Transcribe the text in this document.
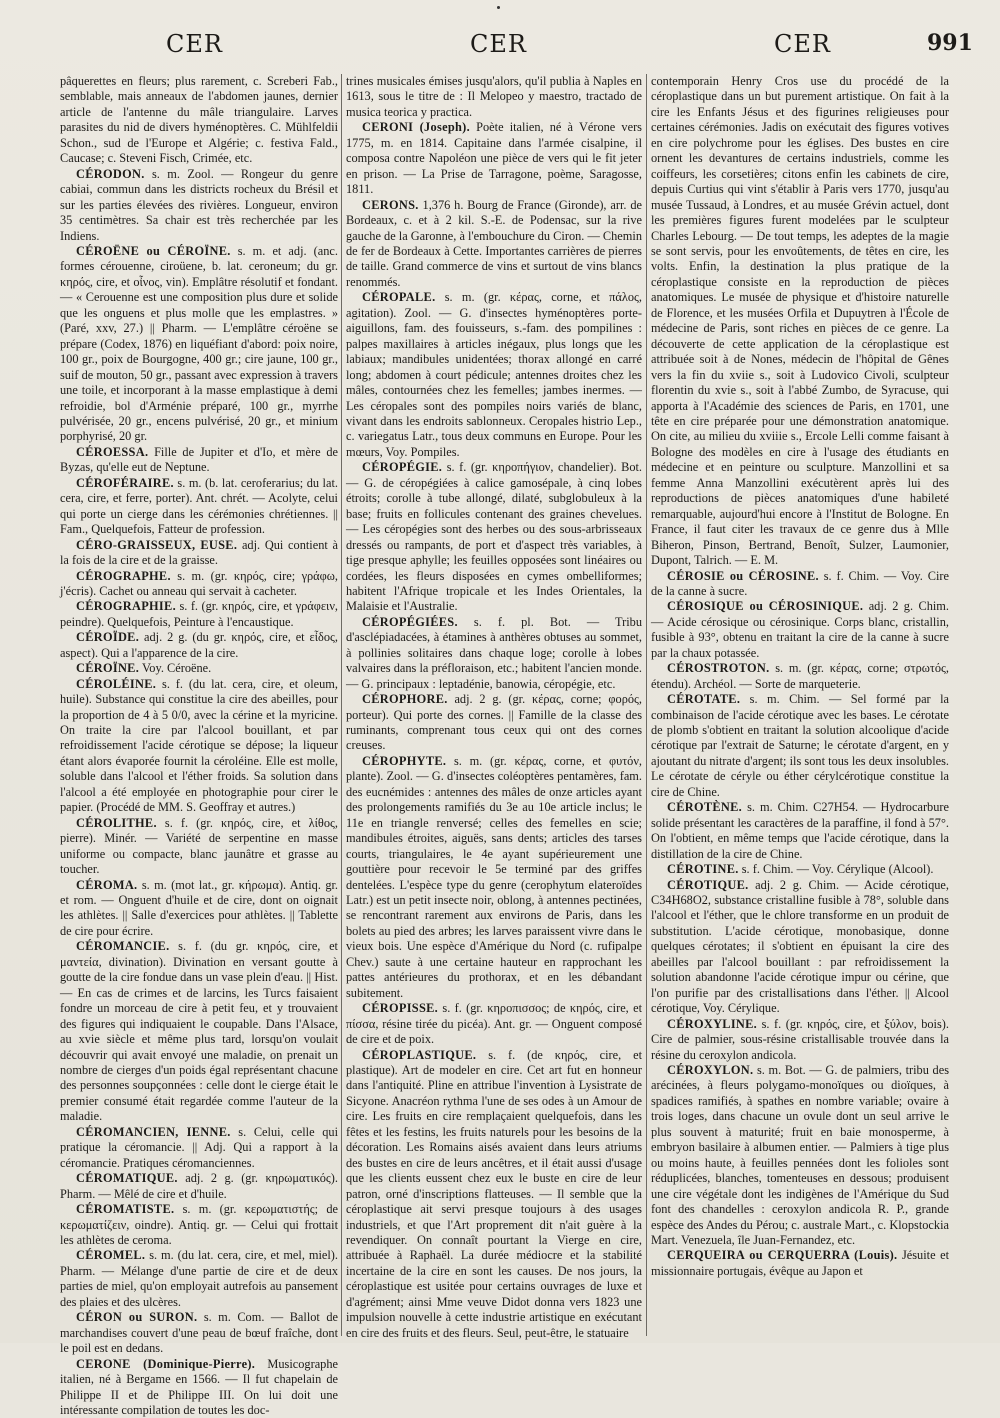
CER	CER	CER	991

pâquerettes en fleurs; plus rarement, c. Screberi Fab., semblable, mais anneaux de l'abdomen jaunes, dernier article de l'antenne du mâle triangulaire. Larves parasites du nid de divers hyménoptères. C. Mühlfeldii Schon., sud de l'Europe et Algérie; c. festiva Fald., Caucase; c. Steveni Fisch, Crimée, etc.

CÉRODON. s. m. Zool. — Rongeur du genre cabiai, commun dans les districts rocheux du Brésil et sur les parties élevées des rivières. Longueur, environ 35 centimètres. Sa chair est très recherchée par les Indiens.

CÉROËNE ou CÉROÏNE. s. m. et adj. (anc. formes cérouenne, ciroüene, b. lat. ceroneum; du gr. κηρός, cire, et οἶνος, vin). Emplâtre résolutif et fondant. — « Cerouenne est une composition plus dure et solide que les onguens et plus molle que les emplastres. » (Paré, xxv, 27.) || Pharm. — L'emplâtre céroëne se prépare (Codex, 1876) en liquéfiant d'abord: poix noire, 100 gr., poix de Bourgogne, 400 gr.; cire jaune, 100 gr., suif de mouton, 50 gr., passant avec expression à travers une toile, et incorporant à la masse emplastique à demi refroidie, bol d'Arménie préparé, 100 gr., myrrhe pulvérisée, 20 gr., encens pulvérisé, 20 gr., et minium porphyrisé, 20 gr.

CÉROESSA. Fille de Jupiter et d'Io, et mère de Byzas, qu'elle eut de Neptune.

CÉROFÉRAIRE. s. m. (b. lat. ceroferarius; du lat. cera, cire, et ferre, porter). Ant. chrét. — Acolyte, celui qui porte un cierge dans les cérémonies chrétiennes. || Fam., Quelquefois, Fatteur de profession.

CÉRO-GRAISSEUX, EUSE. adj. Qui contient à la fois de la cire et de la graisse.

CÉROGRAPHE. s. m. (gr. κηρός, cire; γράφω, j'écris). Cachet ou anneau qui servait à cacheter.

CÉROGRAPHIE. s. f. (gr. κηρός, cire, et γράφειν, peindre). Quelquefois, Peinture à l'encaustique.

CÉROÏDE. adj. 2 g. (du gr. κηρός, cire, et εἶδος, aspect). Qui a l'apparence de la cire.

CÉROÏNE. Voy. Céroëne.

CÉROLÉINE. s. f. (du lat. cera, cire, et oleum, huile). Substance qui constitue la cire des abeilles, pour la proportion de 4 à 5 0/0, avec la cérine et la myricine. On traite la cire par l'alcool bouillant, et par refroidissement l'acide cérotique se dépose; la liqueur étant alors évaporée fournit la céroléine. Elle est molle, soluble dans l'alcool et l'éther froids. Sa solution dans l'alcool a été employée en photographie pour cirer le papier. (Procédé de MM. S. Geoffray et autres.)

CÉROLITHE. s. f. (gr. κηρός, cire, et λίθος, pierre). Minér. — Variété de serpentine en masse uniforme ou compacte, blanc jaunâtre et grasse au toucher.

CÉROMA. s. m. (mot lat., gr. κήρωμα). Antiq. gr. et rom. — Onguent d'huile et de cire, dont on oignait les athlètes. || Salle d'exercices pour athlètes. || Tablette de cire pour écrire.

CÉROMANCIE. s. f. (du gr. κηρός, cire, et μαντεία, divination). Divination en versant goutte à goutte de la cire fondue dans un vase plein d'eau. || Hist. — En cas de crimes et de larcins, les Turcs faisaient fondre un morceau de cire à petit feu, et y trouvaient des figures qui indiquaient le coupable. Dans l'Alsace, au xvie siècle et même plus tard, lorsqu'on voulait découvrir qui avait envoyé une maladie, on prenait un nombre de cierges d'un poids égal représentant chacune des personnes soupçonnées : celle dont le cierge était le premier consumé était regardée comme l'auteur de la maladie.

CÉROMANCIEN, IENNE. s. Celui, celle qui pratique la céromancie. || Adj. Qui a rapport à la céromancie. Pratiques céromanciennes.

CÉROMATIQUE. adj. 2 g. (gr. κηρωματικός). Pharm. — Mêlé de cire et d'huile.

CÉROMATISTE. s. m. (gr. κερωματιστής; de κερωματίζειν, oindre). Antiq. gr. — Celui qui frottait les athlètes de ceroma.

CÉROMEL. s. m. (du lat. cera, cire, et mel, miel). Pharm. — Mélange d'une partie de cire et de deux parties de miel, qu'on employait autrefois au pansement des plaies et des ulcères.

CÉRON ou SURON. s. m. Com. — Ballot de marchandises couvert d'une peau de bœuf fraîche, dont le poil est en dedans.

CERONE (Dominique-Pierre). Musicographe italien, né à Bergame en 1566. — Il fut chapelain de Philippe II et de Philippe III. On lui doit une intéressante compilation de toutes les doc-

trines musicales émises jusqu'alors, qu'il publia à Naples en 1613, sous le titre de : Il Melopeo y maestro, tractado de musica teorica y practica.

CERONI (Joseph). Poète italien, né à Vérone vers 1775, m. en 1814. Capitaine dans l'armée cisalpine, il composa contre Napoléon une pièce de vers qui le fit jeter en prison. — La Prise de Tarragone, poème, Saragosse, 1811.

CERONS. 1,376 h. Bourg de France (Gironde), arr. de Bordeaux, c. et à 2 kil. S.-E. de Podensac, sur la rive gauche de la Garonne, à l'embouchure du Ciron. — Chemin de fer de Bordeaux à Cette. Importantes carrières de pierres de taille. Grand commerce de vins et surtout de vins blancs renommés.

CÉROPALE. s. m. (gr. κέρας, corne, et πάλος, agitation). Zool. — G. d'insectes hyménoptères porte-aiguillons, fam. des fouisseurs, s.-fam. des pompilines : palpes maxillaires à articles inégaux, plus longs que les labiaux; mandibules unidentées; thorax allongé en carré long; abdomen à court pédicule; antennes droites chez les mâles, contournées chez les femelles; jambes inermes. — Les céropales sont des pompiles noirs variés de blanc, vivant dans les endroits sablonneux. Ceropales histrio Lep., c. variegatus Latr., tous deux communs en Europe. Pour les mœurs, Voy. Pompiles.

CÉROPÉGIE. s. f. (gr. κηροπήγιον, chandelier). Bot. — G. de céropégiées à calice gamosépale, à cinq lobes étroits; corolle à tube allongé, dilaté, subglobuleux à la base; fruits en follicules contenant des graines chevelues. — Les céropégies sont des herbes ou des sous-arbrisseaux dressés ou rampants, de port et d'aspect très variables, à tige presque aphylle; les feuilles opposées sont linéaires ou cordées, les fleurs disposées en cymes ombelliformes; habitent l'Afrique tropicale et les Indes Orientales, la Malaisie et l'Australie.

CÉROPÉGIÉES. s. f. pl. Bot. — Tribu d'asclépiadacées, à étamines à anthères obtuses au sommet, à pollinies solitaires dans chaque loge; corolle à lobes valvaires dans la préfloraison, etc.; habitent l'ancien monde. — G. principaux : leptadénie, banowia, céropégie, etc.

CÉROPHORE. adj. 2 g. (gr. κέρας, corne; φορός, porteur). Qui porte des cornes. || Famille de la classe des ruminants, comprenant tous ceux qui ont des cornes creuses.

CÉROPHYTE. s. m. (gr. κέρας, corne, et φυτόν, plante). Zool. — G. d'insectes coléoptères pentamères, fam. des eucnémides : antennes des mâles de onze articles ayant des prolongements ramifiés du 3e au 10e article inclus; le 11e en triangle renversé; celles des femelles en scie; mandibules étroites, aiguës, sans dents; articles des tarses courts, triangulaires, le 4e ayant supérieurement une gouttière pour recevoir le 5e terminé par des griffes dentelées. L'espèce type du genre (cerophytum elateroïdes Latr.) est un petit insecte noir, oblong, à antennes pectinées, se rencontrant rarement aux environs de Paris, dans les bolets au pied des arbres; les larves paraissent vivre dans le vieux bois. Une espèce d'Amérique du Nord (c. rufipalpe Chev.) saute à une certaine hauteur en rapprochant les pattes antérieures du prothorax, et en les débandant subitement.

CÉROPISSE. s. f. (gr. κηροπισσος; de κηρός, cire, et πίσσα, résine tirée du picéa). Ant. gr. — Onguent composé de cire et de poix.

CÉROPLASTIQUE. s. f. (de κηρός, cire, et plastique). Art de modeler en cire. Cet art fut en honneur dans l'antiquité. Pline en attribue l'invention à Lysistrate de Sicyone. Anacréon rythma l'une de ses odes à un Amour de cire. Les fruits en cire remplaçaient quelquefois, dans les fêtes et les festins, les fruits naturels pour les besoins de la décoration. Les Romains aisés avaient dans leurs atriums des bustes en cire de leurs ancêtres, et il était aussi d'usage que les clients eussent chez eux le buste en cire de leur patron, orné d'inscriptions flatteuses. — Il semble que la céroplastique ait servi presque toujours à des usages industriels, et que l'Art proprement dit n'ait guère à la revendiquer. On connaît pourtant la Vierge en cire, attribuée à Raphaël. La durée médiocre et la stabilité incertaine de la cire en sont les causes. De nos jours, la céroplastique est usitée pour certains ouvrages de luxe et d'agrément; ainsi Mme veuve Didot donna vers 1823 une impulsion nouvelle à cette industrie artistique en exécutant en cire des fruits et des fleurs. Seul, peut-être, le statuaire

contemporain Henry Cros use du procédé de la céroplastique dans un but purement artistique. On fait à la cire les Enfants Jésus et des figurines religieuses pour certaines cérémonies. Jadis on exécutait des figures votives en cire polychrome pour les églises. Des bustes en cire ornent les devantures de certains industriels, comme les coiffeurs, les corsetières; citons enfin les cabinets de cire, depuis Curtius qui vint s'établir à Paris vers 1770, jusqu'au musée Tussaud, à Londres, et au musée Grévin actuel, dont les premières figures furent modelées par le sculpteur Charles Lebourg. — De tout temps, les adeptes de la magie se sont servis, pour les envoûtements, de têtes en cire, les volts. Enfin, la destination la plus pratique de la céroplastique consiste en la reproduction de pièces anatomiques. Le musée de physique et d'histoire naturelle de Florence, et les musées Orfila et Dupuytren à l'École de médecine de Paris, sont riches en pièces de ce genre. La découverte de cette application de la céroplastique est attribuée soit à de Nones, médecin de l'hôpital de Gênes vers la fin du xviie s., soit à Ludovico Civoli, sculpteur florentin du xvie s., soit à l'abbé Zumbo, de Syracuse, qui apporta à l'Académie des sciences de Paris, en 1701, une tête en cire préparée pour une démonstration anatomique. On cite, au milieu du xviiie s., Ercole Lelli comme faisant à Bologne des modèles en cire à l'usage des étudiants en médecine et en peinture ou sculpture. Manzollini et sa femme Anna Manzollini exécutèrent après lui des reproductions de pièces anatomiques d'une habileté remarquable, aujourd'hui encore à l'Institut de Bologne. En France, il faut citer les travaux de ce genre dus à Mlle Biheron, Pinson, Bertrand, Benoît, Sulzer, Laumonier, Dupont, Talrich. — E. M.

CÉROSIE ou CÉROSINE. s. f. Chim. — Voy. Cire de la canne à sucre.

CÉROSIQUE ou CÉROSINIQUE. adj. 2 g. Chim. — Acide cérosique ou cérosinique. Corps blanc, cristallin, fusible à 93°, obtenu en traitant la cire de la canne à sucre par la chaux potassée.

CÉROSTROTON. s. m. (gr. κέρας, corne; στρωτός, étendu). Archéol. — Sorte de marqueterie.

CÉROTATE. s. m. Chim. — Sel formé par la combinaison de l'acide cérotique avec les bases. Le cérotate de plomb s'obtient en traitant la solution alcoolique d'acide cérotique par l'extrait de Saturne; le cérotate d'argent, en y ajoutant du nitrate d'argent; ils sont tous les deux insolubles. Le cérotate de céryle ou éther cérylcérotique constitue la cire de Chine.

CÉROTÈNE. s. m. Chim. C27H54. — Hydrocarbure solide présentant les caractères de la paraffine, il fond à 57°. On l'obtient, en même temps que l'acide cérotique, dans la distillation de la cire de Chine.

CÉROTINE. s. f. Chim. — Voy. Cérylique (Alcool).

CÉROTIQUE. adj. 2 g. Chim. — Acide cérotique, C34H68O2, substance cristalline fusible à 78°, soluble dans l'alcool et l'éther, que le chlore transforme en un produit de substitution. L'acide cérotique, monobasique, donne quelques cérotates; il s'obtient en épuisant la cire des abeilles par l'alcool bouillant : par refroidissement la solution abandonne l'acide cérotique impur ou cérine, que l'on purifie par des cristallisations dans l'éther. || Alcool cérotique, Voy. Cérylique.

CÉROXYLINE. s. f. (gr. κηρός, cire, et ξύλον, bois). Cire de palmier, sous-résine cristallisable trouvée dans la résine du ceroxylon andicola.

CÉROXYLON. s. m. Bot. — G. de palmiers, tribu des arécinées, à fleurs polygamo-monoïques ou dioïques, à spadices ramifiés, à spathes en nombre variable; ovaire à trois loges, dans chacune un ovule dont un seul arrive le plus souvent à maturité; fruit en baie monosperme, à embryon basilaire à albumen entier. — Palmiers à tige plus ou moins haute, à feuilles pennées dont les folioles sont réduplicées, blanches, tomenteuses en dessous; produisent une cire végétale dont les indigènes de l'Amérique du Sud font des chandelles : ceroxylon andicola R. P., grande espèce des Andes du Pérou; c. australe Mart., c. Klopstockia Mart. Venezuela, île Juan-Fernandez, etc.

CERQUEIRA ou CERQUERRA (Louis). Jésuite et missionnaire portugais, évêque au Japon et
